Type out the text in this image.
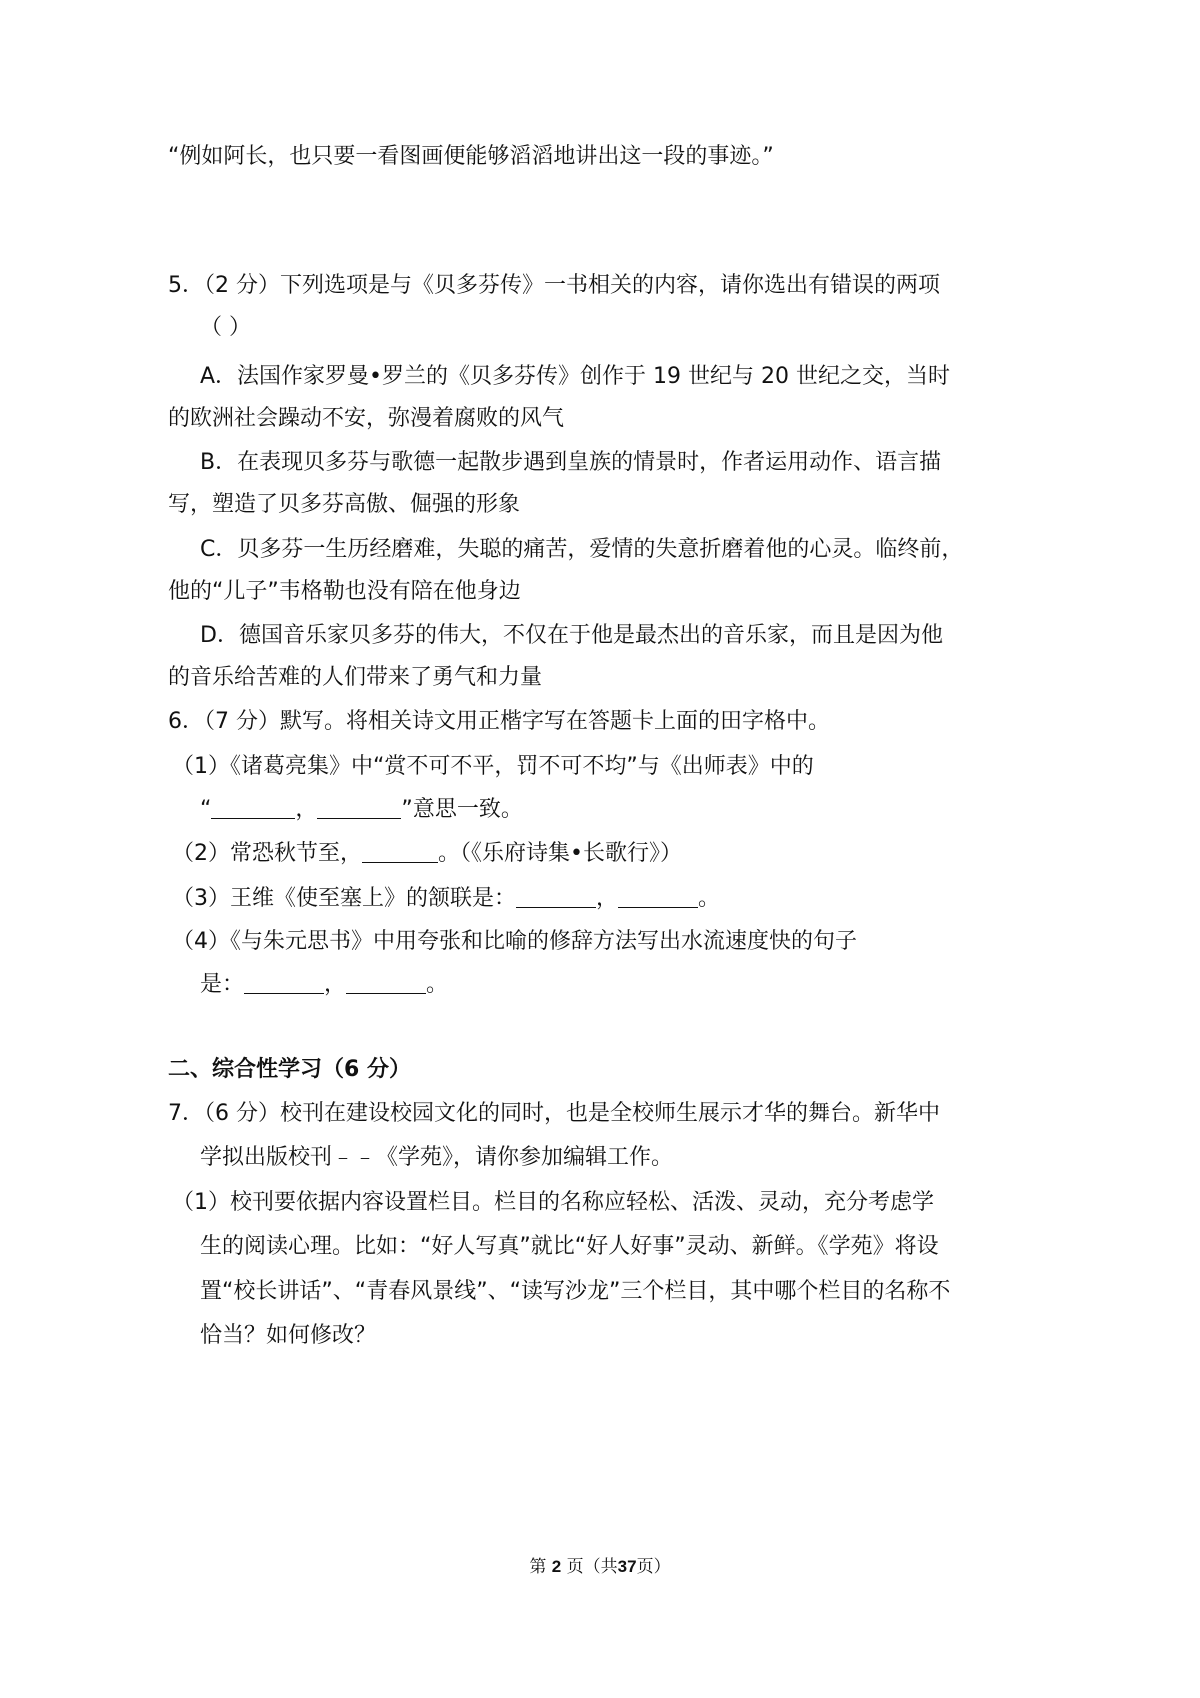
“例如阿长，也只要一看图画便能够滔滔地讲出这一段的事迹。”
5．（2 分）下列选项是与《贝多芬传》一书相关的内容，请你选出有错误的两项
（ ）
A．法国作家罗曼•罗兰的《贝多芬传》创作于 19 世纪与 20 世纪之交，当时
的欧洲社会躁动不安，弥漫着腐败的风气
B．在表现贝多芬与歌德一起散步遇到皇族的情景时，作者运用动作、语言描
写，塑造了贝多芬高傲、倔强的形象
C．贝多芬一生历经磨难，失聪的痛苦，爱情的失意折磨着他的心灵。临终前，
他的“儿子”韦格勒也没有陪在他身边
D．德国音乐家贝多芬的伟大，不仅在于他是最杰出的音乐家，而且是因为他
的音乐给苦难的人们带来了勇气和力量
6．（7 分）默写。将相关诗文用正楷字写在答题卡上面的田字格中。
（1）《诸葛亮集》中“赏不可不平，罚不可不均”与《出师表》中的
“	，	”意思一致。
（2）常恐秋节至，	。（《乐府诗集•长歌行》）
（3）王维《使至塞上》的颔联是：	，	。
（4）《与朱元思书》中用夸张和比喻的修辞方法写出水流速度快的句子
是：	，	。
二、综合性学习（6 分）
7．（6 分）校刊在建设校园文化的同时，也是全校师生展示才华的舞台。新华中
学拟出版校刊﹣﹣《学苑》，请你参加编辑工作。
（1）校刊要依据内容设置栏目。栏目的名称应轻松、活泼、灵动，充分考虑学
生的阅读心理。比如：“好人写真”就比“好人好事”灵动、新鲜。《学苑》将设
置“校长讲话”、“青春风景线”、“读写沙龙”三个栏目，其中哪个栏目的名称不
恰当？如何修改？
第 2 页（共37页）
